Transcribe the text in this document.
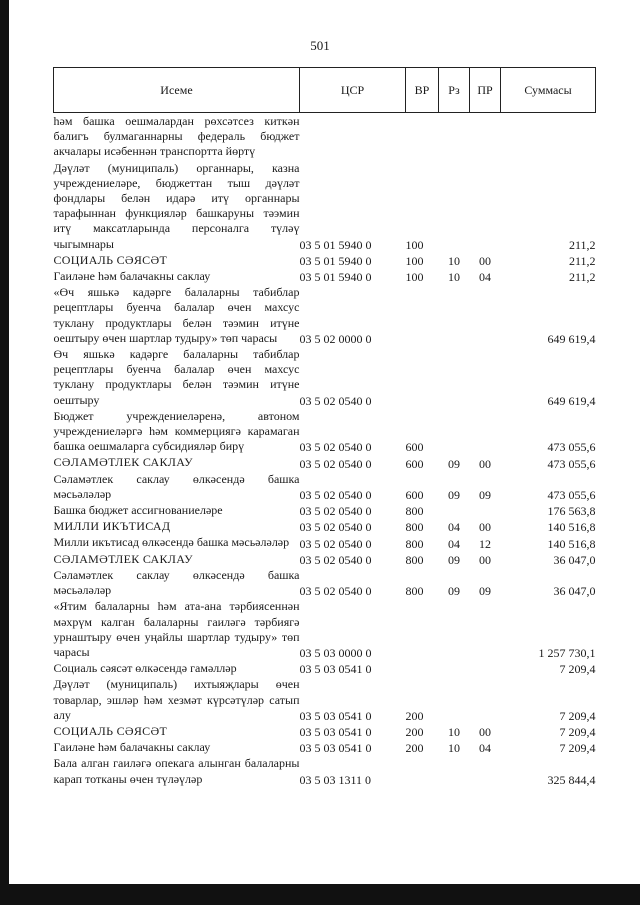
501
Исеме	ЦСР	ВР	Рз	ПР	Суммасы
һәм башка оешмалардан рөхсәтсез киткән балигъ булмаганнарны федераль бюджет акчалары исәбеннән транспортта йөртү					
Дәүләт (муниципаль) органнары, казна учреждениеләре, бюджеттан тыш дәүләт фондлары белән идарә итү органнары тарафыннан функцияләр башкаруны тәэмин итү максатларында персоналга түләү чыгымнары	03 5 01 5940 0	100			211,2
СОЦИАЛЬ СӘЯСӘТ	03 5 01 5940 0	100	10	00	211,2
Гаиләне һәм балачакны саклау	03 5 01 5940 0	100	10	04	211,2
«Өч яшькә кадәрге балаларны табиблар рецептлары буенча балалар өчен махсус туклану продуктлары белән тәэмин итүне оештыру өчен шартлар тудыру» төп чарасы	03 5 02 0000 0				649 619,4
Өч яшькә кадәрге балаларны табиблар рецептлары буенча балалар өчен махсус туклану продуктлары белән тәэмин итүне оештыру	03 5 02 0540 0				649 619,4
Бюджет учреждениеләренә, автоном учреждениеләргә һәм коммерциягә карамаган башка оешмаларга субсидияләр бирү	03 5 02 0540 0	600			473 055,6
СӘЛАМӘТЛЕК САКЛАУ	03 5 02 0540 0	600	09	00	473 055,6
Сәламәтлек саклау өлкәсендә башка мәсьәләләр	03 5 02 0540 0	600	09	09	473 055,6
Башка бюджет ассигнованиеләре	03 5 02 0540 0	800			176 563,8
МИЛЛИ ИКЪТИСАД	03 5 02 0540 0	800	04	00	140 516,8
Милли икътисад өлкәсендә башка мәсьәләләр	03 5 02 0540 0	800	04	12	140 516,8
СӘЛАМӘТЛЕК САКЛАУ	03 5 02 0540 0	800	09	00	36 047,0
Сәламәтлек саклау өлкәсендә башка мәсьәләләр	03 5 02 0540 0	800	09	09	36 047,0
«Ятим балаларны һәм ата-ана тәрбиясеннән мәхрүм калган балаларны гаиләгә тәрбиягә урнаштыру өчен уңайлы шартлар тудыру» төп чарасы	03 5 03 0000 0				1 257 730,1
Социаль сәясәт өлкәсендә гамәлләр	03 5 03 0541 0				7 209,4
Дәүләт (муниципаль) ихтыяҗлары өчен товарлар, эшләр һәм хезмәт күрсәтүләр сатып алу	03 5 03 0541 0	200			7 209,4
СОЦИАЛЬ СӘЯСӘТ	03 5 03 0541 0	200	10	00	7 209,4
Гаиләне һәм балачакны саклау	03 5 03 0541 0	200	10	04	7 209,4
Бала алган гаиләгә опекага алынган балаларны карап тотканы өчен түләүләр	03 5 03 1311 0				325 844,4
